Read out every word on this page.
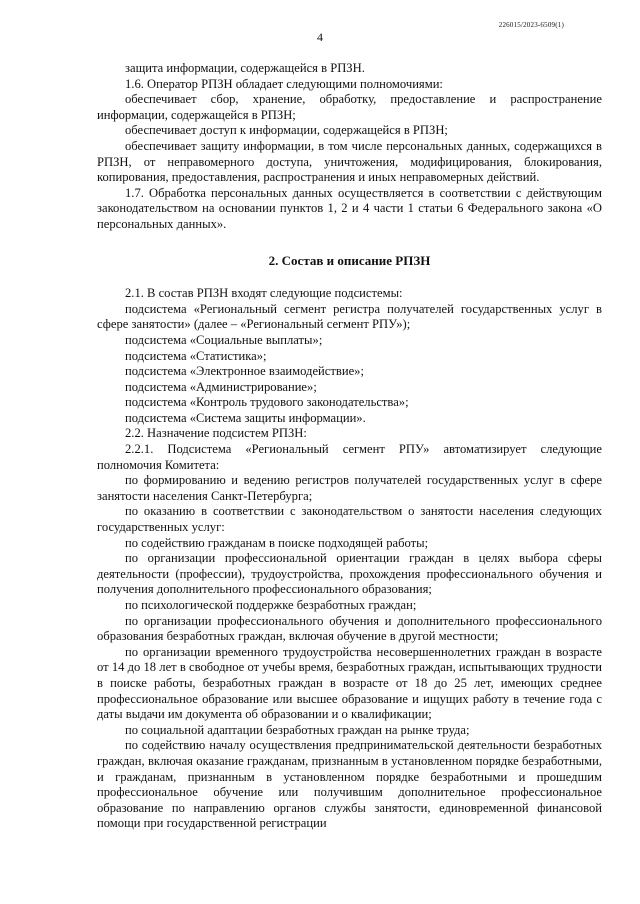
4
226015/2023-6509(1)

защита информации, содержащейся в РПЗН.

1.6. Оператор РПЗН обладает следующими полномочиями:

обеспечивает сбор, хранение, обработку, предоставление и распространение информации, содержащейся в РПЗН;

обеспечивает доступ к информации, содержащейся в РПЗН;

обеспечивает защиту информации, в том числе персональных данных, содержащихся в РПЗН, от неправомерного доступа, уничтожения, модифицирования, блокирования, копирования, предоставления, распространения и иных неправомерных действий.

1.7. Обработка персональных данных осуществляется в соответствии с действующим законодательством на основании пунктов 1, 2 и 4 части 1 статьи 6 Федерального закона «О персональных данных».

2. Состав и описание РПЗН

2.1. В состав РПЗН входят следующие подсистемы:

подсистема «Региональный сегмент регистра получателей государственных услуг в сфере занятости» (далее – «Региональный сегмент РПУ»);

подсистема «Социальные выплаты»;

подсистема «Статистика»;

подсистема «Электронное взаимодействие»;

подсистема «Администрирование»;

подсистема «Контроль трудового законодательства»;

подсистема «Система защиты информации».

2.2. Назначение подсистем РПЗН:

2.2.1. Подсистема «Региональный сегмент РПУ» автоматизирует следующие полномочия Комитета:

по формированию и ведению регистров получателей государственных услуг в сфере занятости населения Санкт-Петербурга;

по оказанию в соответствии с законодательством о занятости населения следующих государственных услуг:

по содействию гражданам в поиске подходящей работы;

по организации профессиональной ориентации граждан в целях выбора сферы деятельности (профессии), трудоустройства, прохождения профессионального обучения и получения дополнительного профессионального образования;

по психологической поддержке безработных граждан;

по организации профессионального обучения и дополнительного профессионального образования безработных граждан, включая обучение в другой местности;

по организации временного трудоустройства несовершеннолетних граждан в возрасте от 14 до 18 лет в свободное от учебы время, безработных граждан, испытывающих трудности в поиске работы, безработных граждан в возрасте от 18 до 25 лет, имеющих среднее профессиональное образование или высшее образование и ищущих работу в течение года с даты выдачи им документа об образовании и о квалификации;

по социальной адаптации безработных граждан на рынке труда;

по содействию началу осуществления предпринимательской деятельности безработных граждан, включая оказание гражданам, признанным в установленном порядке безработными, и гражданам, признанным в установленном порядке безработными и прошедшим профессиональное обучение или получившим дополнительное профессиональное образование по направлению органов службы занятости, единовременной финансовой помощи при государственной регистрации
